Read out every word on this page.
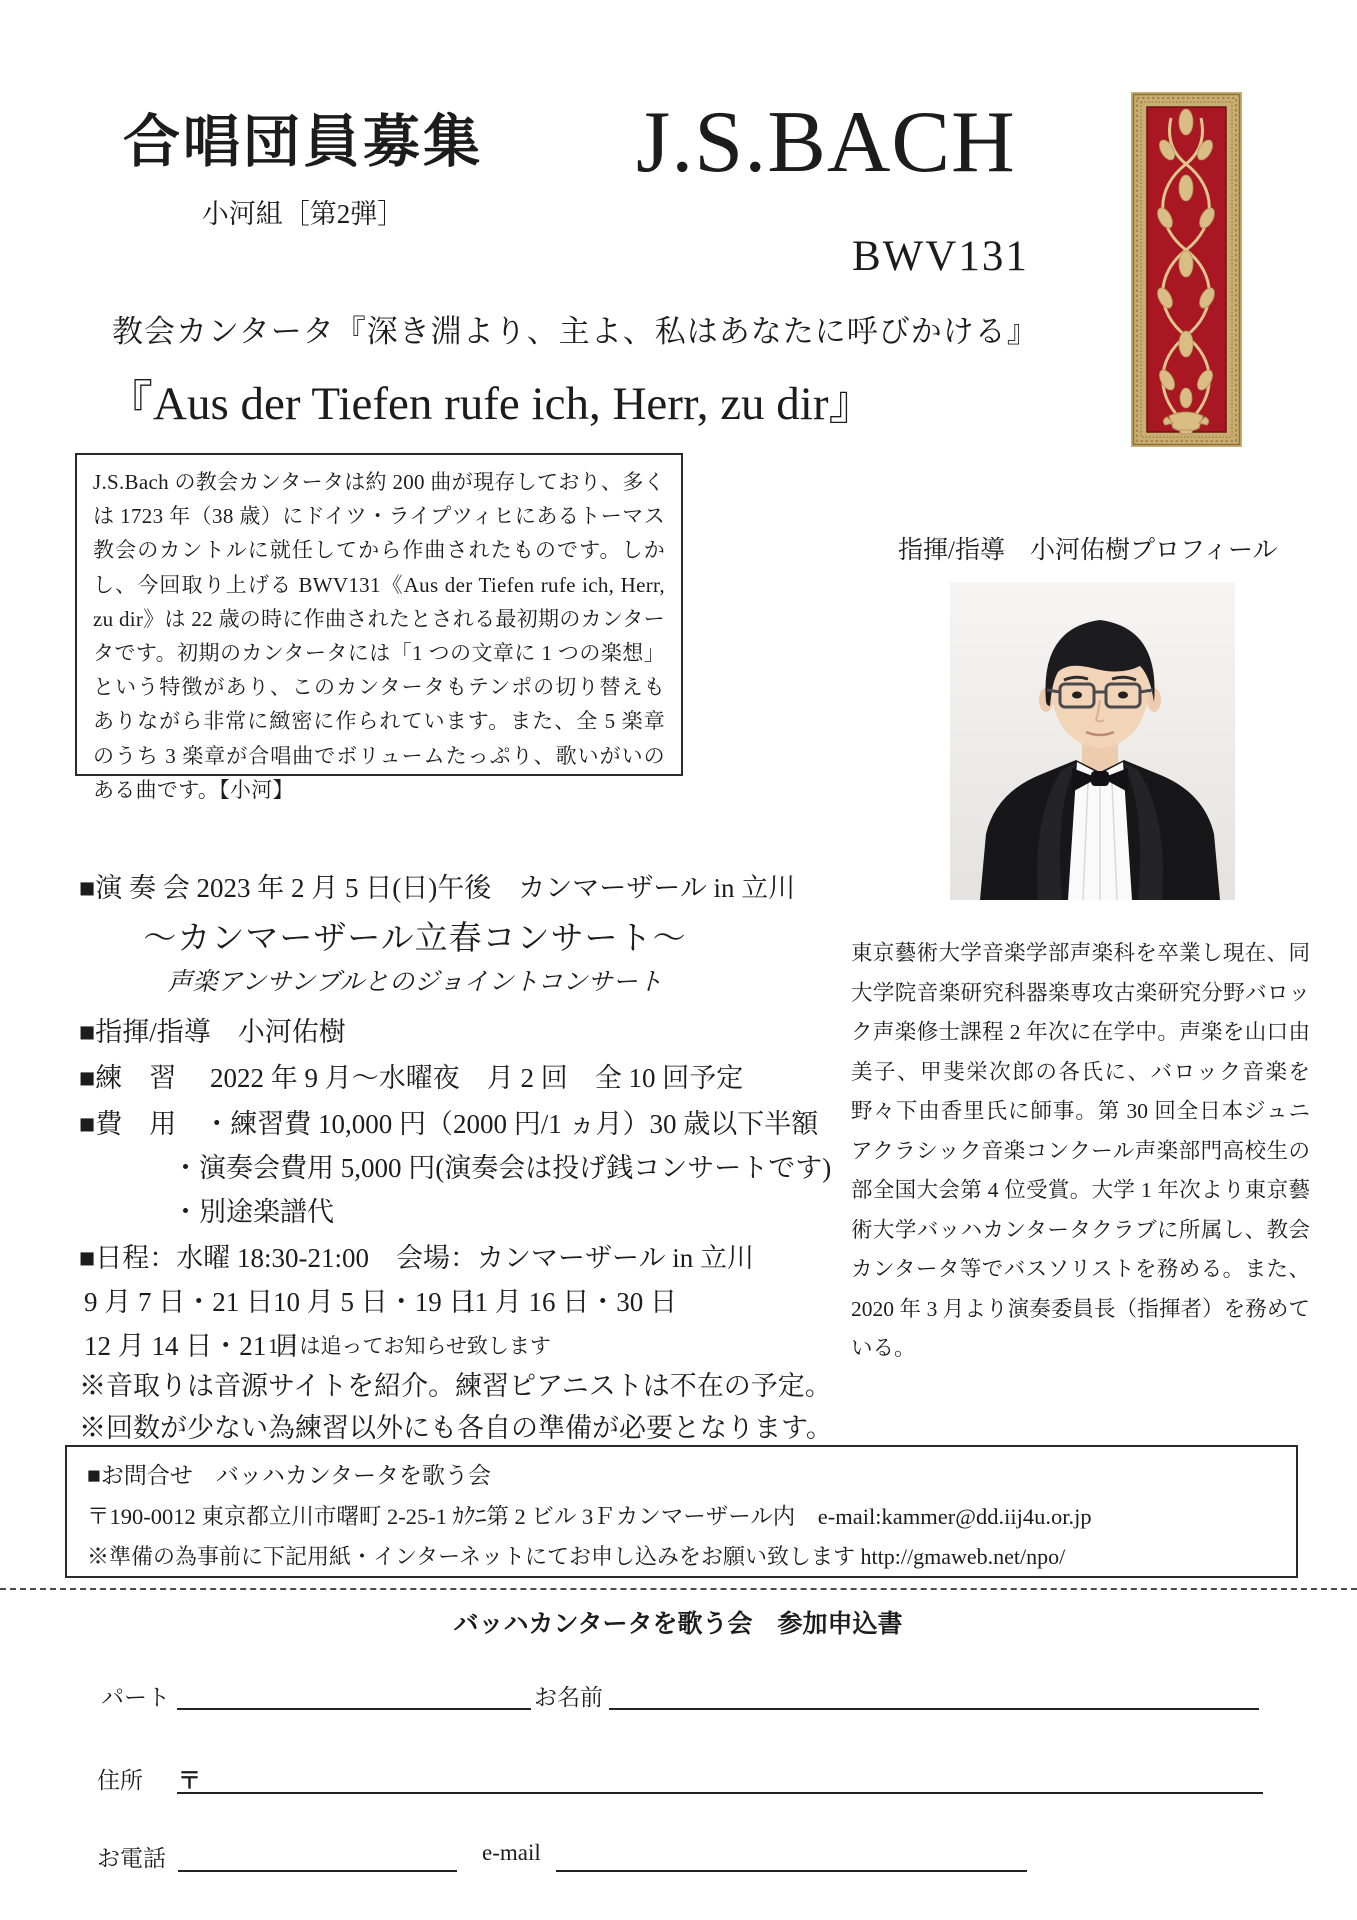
合唱団員募集
小河組［第2弾］
J.S.BACH
BWV131
教会カンタータ『深き淵より、主よ、私はあなたに呼びかける』
『Aus der Tiefen rufe ich, Herr, zu dir』
J.S.Bach の教会カンタータは約 200 曲が現存しており、多くは 1723 年（38 歳）にドイツ・ライプツィヒにあるトーマス教会のカントルに就任してから作曲されたものです。しかし、今回取り上げる BWV131《Aus der Tiefen rufe ich, Herr, zu dir》は 22 歳の時に作曲されたとされる最初期のカンタータです。初期のカンタータには「1 つの文章に 1 つの楽想」という特徴があり、このカンタータもテンポの切り替えもありながら非常に緻密に作られています。また、全 5 楽章のうち 3 楽章が合唱曲でボリュームたっぷり、歌いがいのある曲です。【小河】
■演 奏 会 2023 年 2 月 5 日(日)午後　カンマーザール in 立川
～カンマーザール立春コンサート～
声楽アンサンブルとのジョイントコンサート
■指揮/指導　小河佑樹
■練　習　 2022 年 9 月～水曜夜　月 2 回　全 10 回予定
■費　用　・練習費 10,000 円（2000 円/1 ヵ月）30 歳以下半額
・演奏会費用 5,000 円(演奏会は投げ銭コンサートです)
・別途楽譜代
■日程：水曜 18:30-21:00　会場：カンマーザール in 立川
9 月 7 日・21 日 10 月 5 日・19 日
11 月 16 日・30 日
12 月 14 日・21 日
1月は追ってお知らせ致します
※音取りは音源サイトを紹介。練習ピアニストは不在の予定。
※回数が少ない為練習以外にも各自の準備が必要となります。
指揮/指導　小河佑樹プロフィール
東京藝術大学音楽学部声楽科を卒業し現在、同大学院音楽研究科器楽専攻古楽研究分野バロック声楽修士課程 2 年次に在学中。声楽を山口由美子、甲斐栄次郎の各氏に、バロック音楽を野々下由香里氏に師事。第 30 回全日本ジュニアクラシック音楽コンクール声楽部門高校生の部全国大会第 4 位受賞。大学 1 年次より東京藝術大学バッハカンタータクラブに所属し、教会カンタータ等でバスソリストを務める。また、2020 年 3 月より演奏委員長（指揮者）を務めている。
■お問合せ　バッハカンタータを歌う会
〒190-0012 東京都立川市曙町 2-25-1 ｶｸﾆ第 2 ビル 3Ｆカンマーザール内　e-mail:kammer@dd.iij4u.or.jp
※準備の為事前に下記用紙・インターネットにてお申し込みをお願い致します http://gmaweb.net/npo/
バッハカンタータを歌う会　参加申込書
パート	お名前
住所 〒
お電話	e-mail
